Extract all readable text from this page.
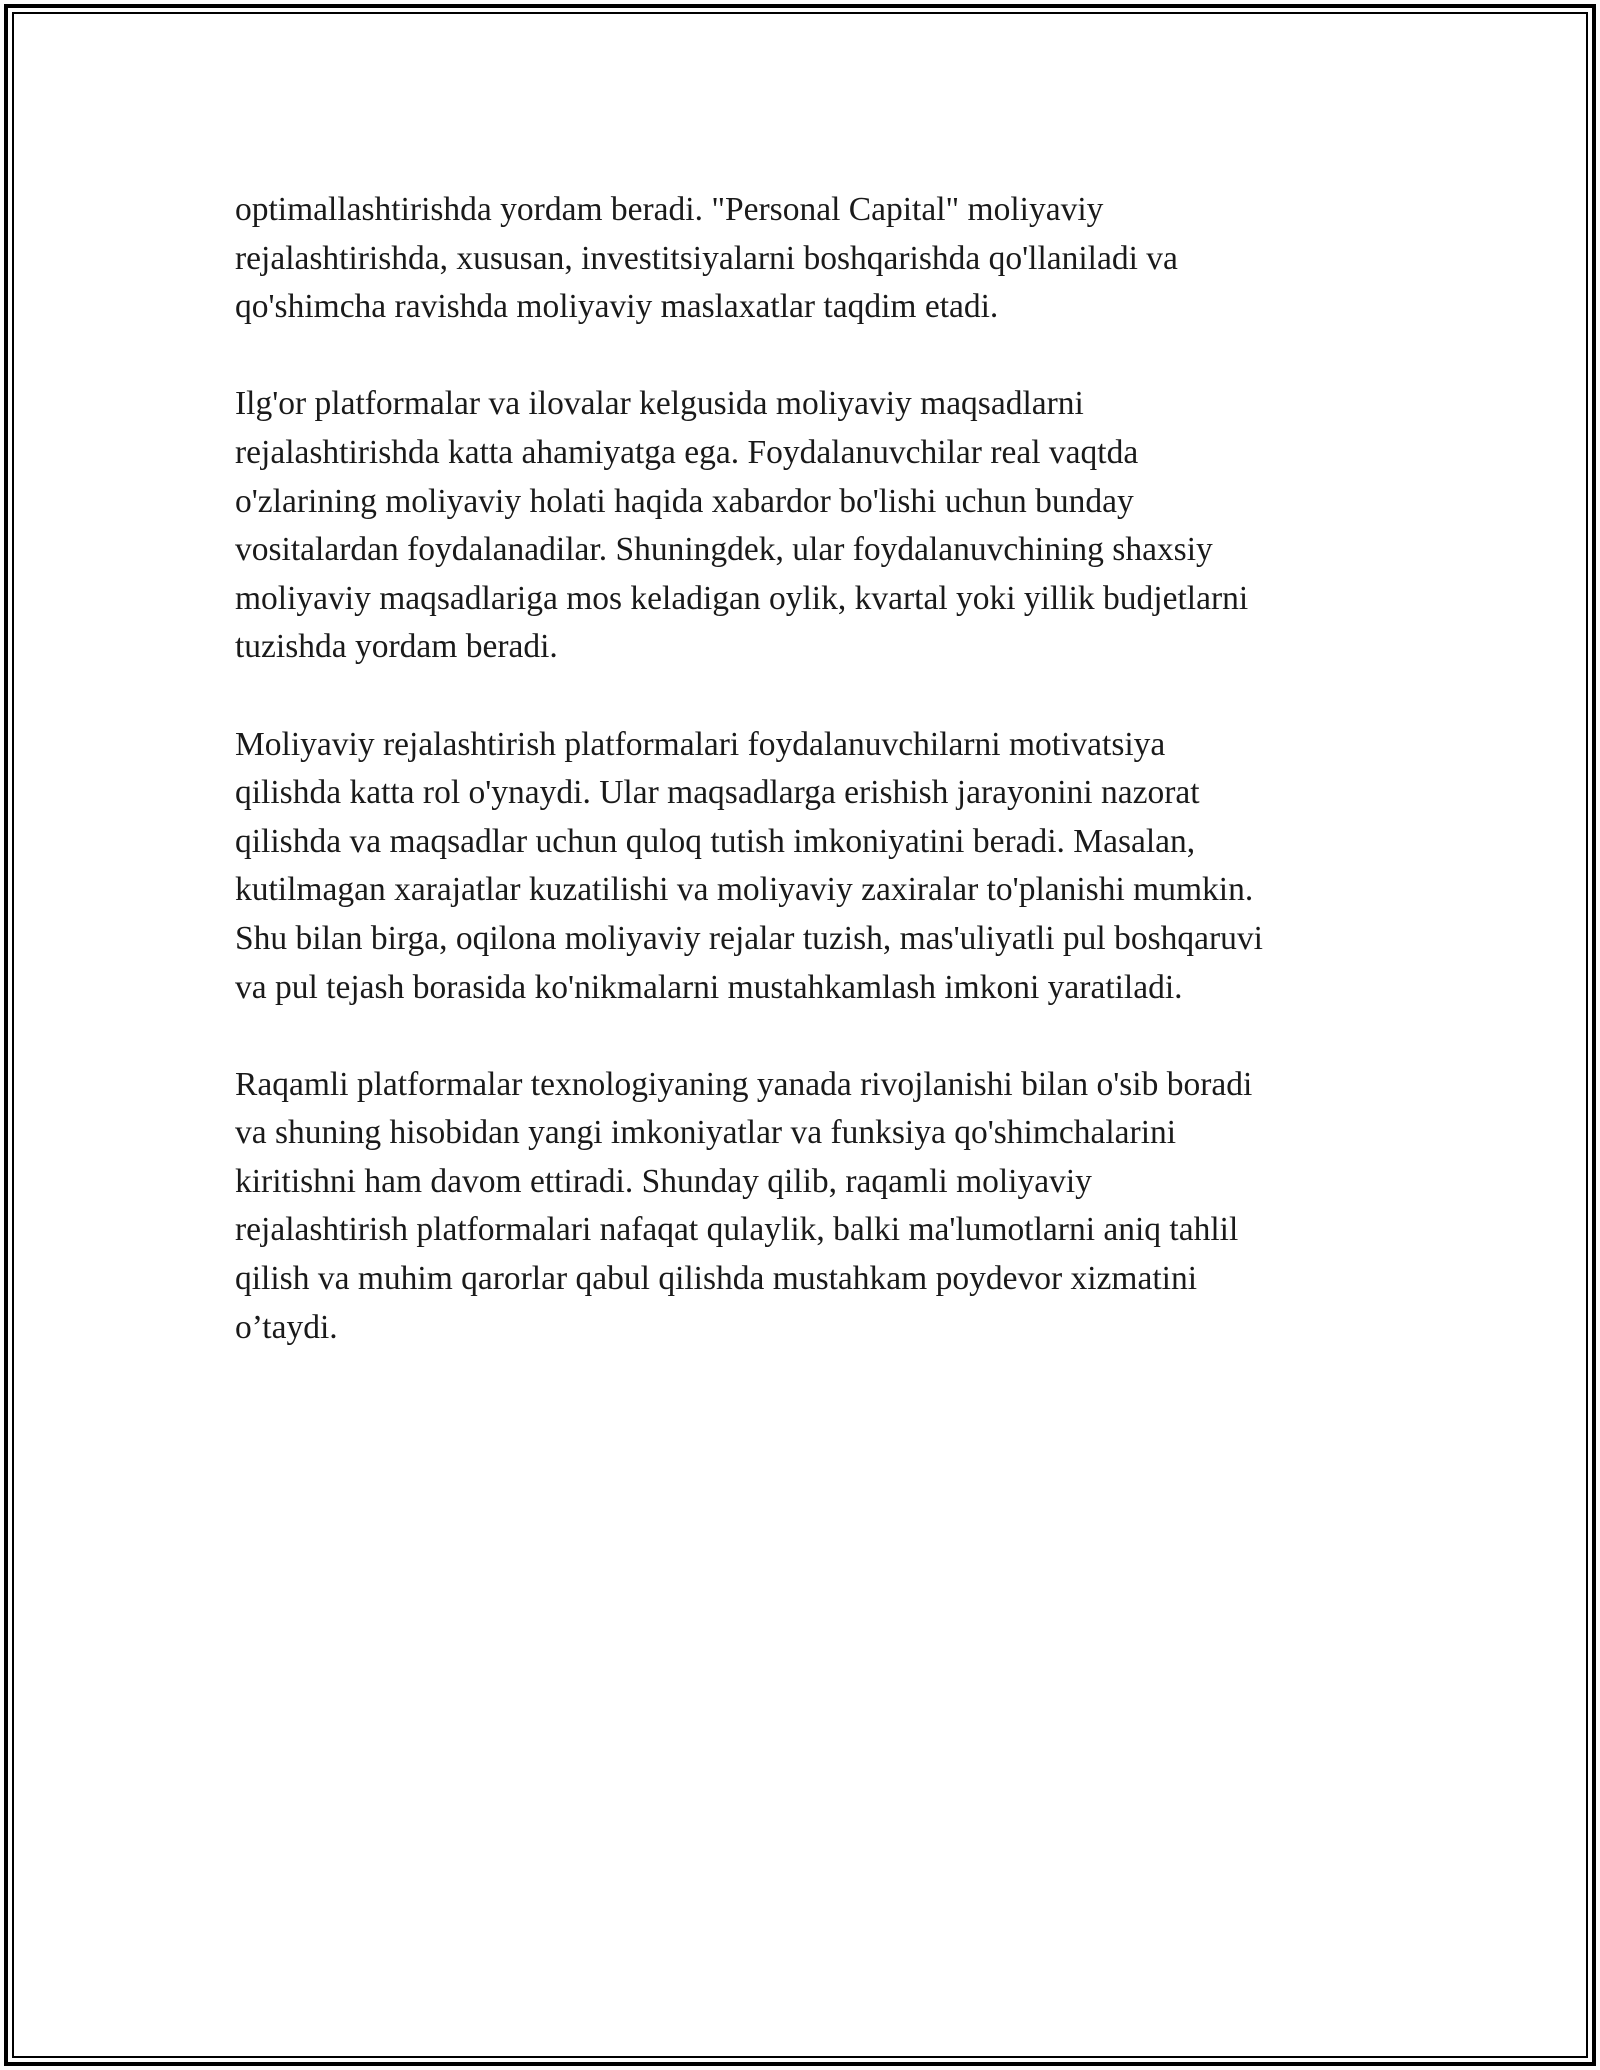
optimallashtirishda yordam beradi. "Personal Capital" moliyaviy
rejalashtirishda, xususan, investitsiyalarni boshqarishda qo'llaniladi va
qo'shimcha ravishda moliyaviy maslaxatlar taqdim etadi.

Ilg'or platformalar va ilovalar kelgusida moliyaviy maqsadlarni
rejalashtirishda katta ahamiyatga ega. Foydalanuvchilar real vaqtda
o'zlarining moliyaviy holati haqida xabardor bo'lishi uchun bunday
vositalardan foydalanadilar. Shuningdek, ular foydalanuvchining shaxsiy
moliyaviy maqsadlariga mos keladigan oylik, kvartal yoki yillik budjetlarni
tuzishda yordam beradi.

Moliyaviy rejalashtirish platformalari foydalanuvchilarni motivatsiya
qilishda katta rol o'ynaydi. Ular maqsadlarga erishish jarayonini nazorat
qilishda va maqsadlar uchun quloq tutish imkoniyatini beradi. Masalan,
kutilmagan xarajatlar kuzatilishi va moliyaviy zaxiralar to'planishi mumkin.
Shu bilan birga, oqilona moliyaviy rejalar tuzish, mas'uliyatli pul boshqaruvi
va pul tejash borasida ko'nikmalarni mustahkamlash imkoni yaratiladi.

Raqamli platformalar texnologiyaning yanada rivojlanishi bilan o'sib boradi
va shuning hisobidan yangi imkoniyatlar va funksiya qo'shimchalarini
kiritishni ham davom ettiradi. Shunday qilib, raqamli moliyaviy
rejalashtirish platformalari nafaqat qulaylik, balki ma'lumotlarni aniq tahlil
qilish va muhim qarorlar qabul qilishda mustahkam poydevor xizmatini
o’taydi.
